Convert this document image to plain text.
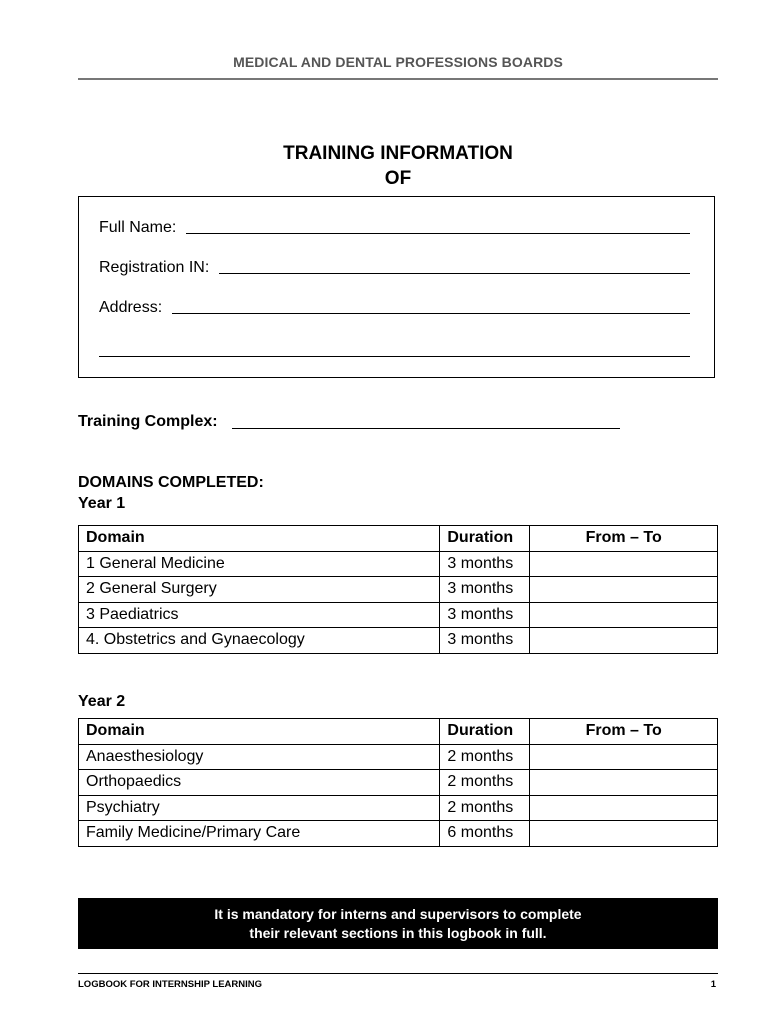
MEDICAL AND DENTAL PROFESSIONS BOARDS
TRAINING INFORMATION
OF
Full Name:
Registration IN:
Address:
Training Complex:
DOMAINS COMPLETED:
Year 1
Domain	Duration	From – To
1 General Medicine	3 months	
2 General Surgery	3 months	
3 Paediatrics	3 months	
4. Obstetrics and Gynaecology	3 months	
Year 2
Domain	Duration	From – To
Anaesthesiology	2 months	
Orthopaedics	2 months	
Psychiatry	2 months	
Family Medicine/Primary Care	6 months	
It is mandatory for interns and supervisors to complete
their relevant sections in this logbook in full.
LOGBOOK FOR INTERNSHIP LEARNING	1
